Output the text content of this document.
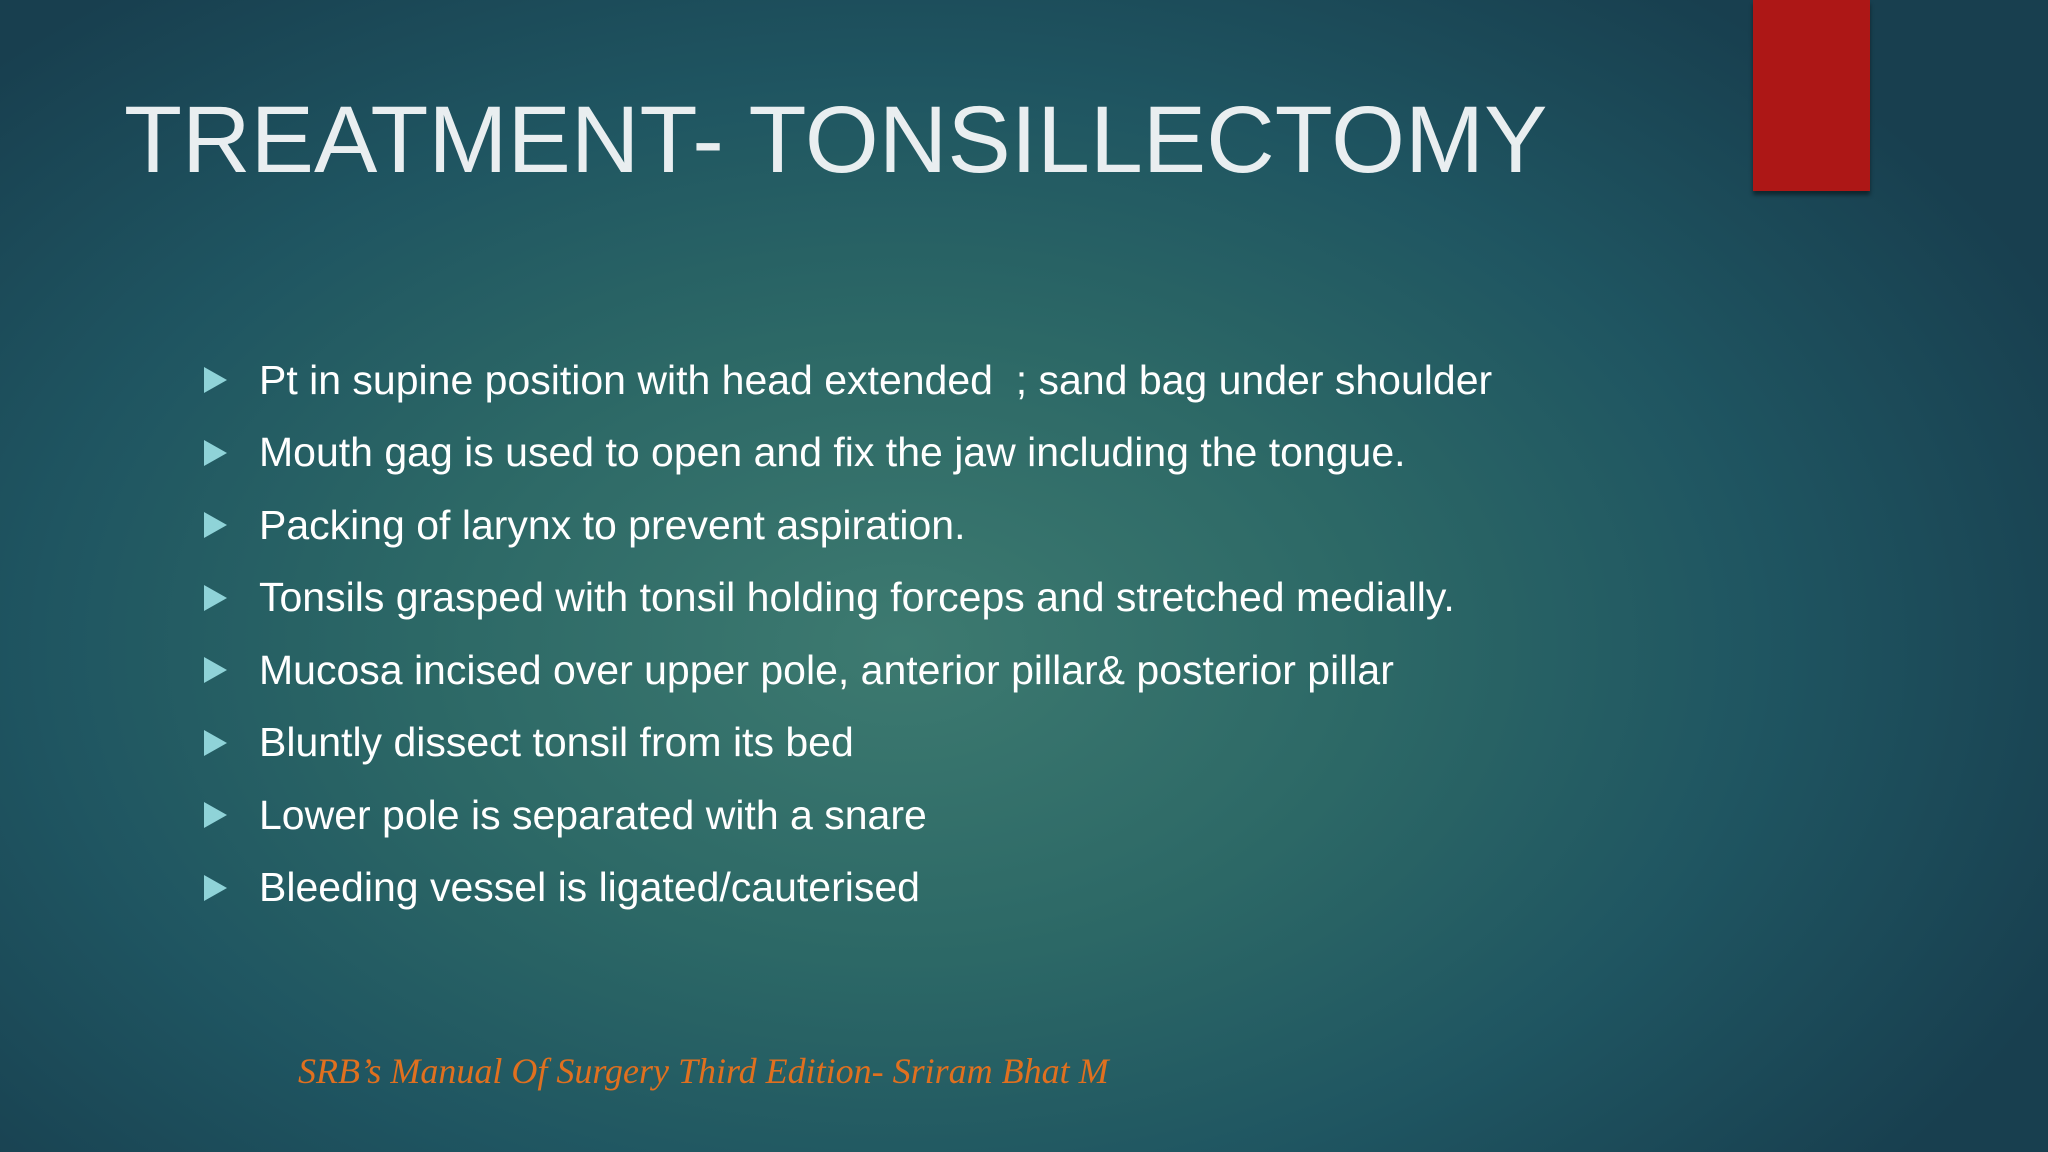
TREATMENT- TONSILLECTOMY
Pt in supine position with head extended  ; sand bag under shoulder
Mouth gag is used to open and fix the jaw including the tongue.
Packing of larynx to prevent aspiration.
Tonsils grasped with tonsil holding forceps and stretched medially.
Mucosa incised over upper pole, anterior pillar& posterior pillar
Bluntly dissect tonsil from its bed
Lower pole is separated with a snare
Bleeding vessel is ligated/cauterised
SRB’s Manual Of Surgery Third Edition- Sriram Bhat M
